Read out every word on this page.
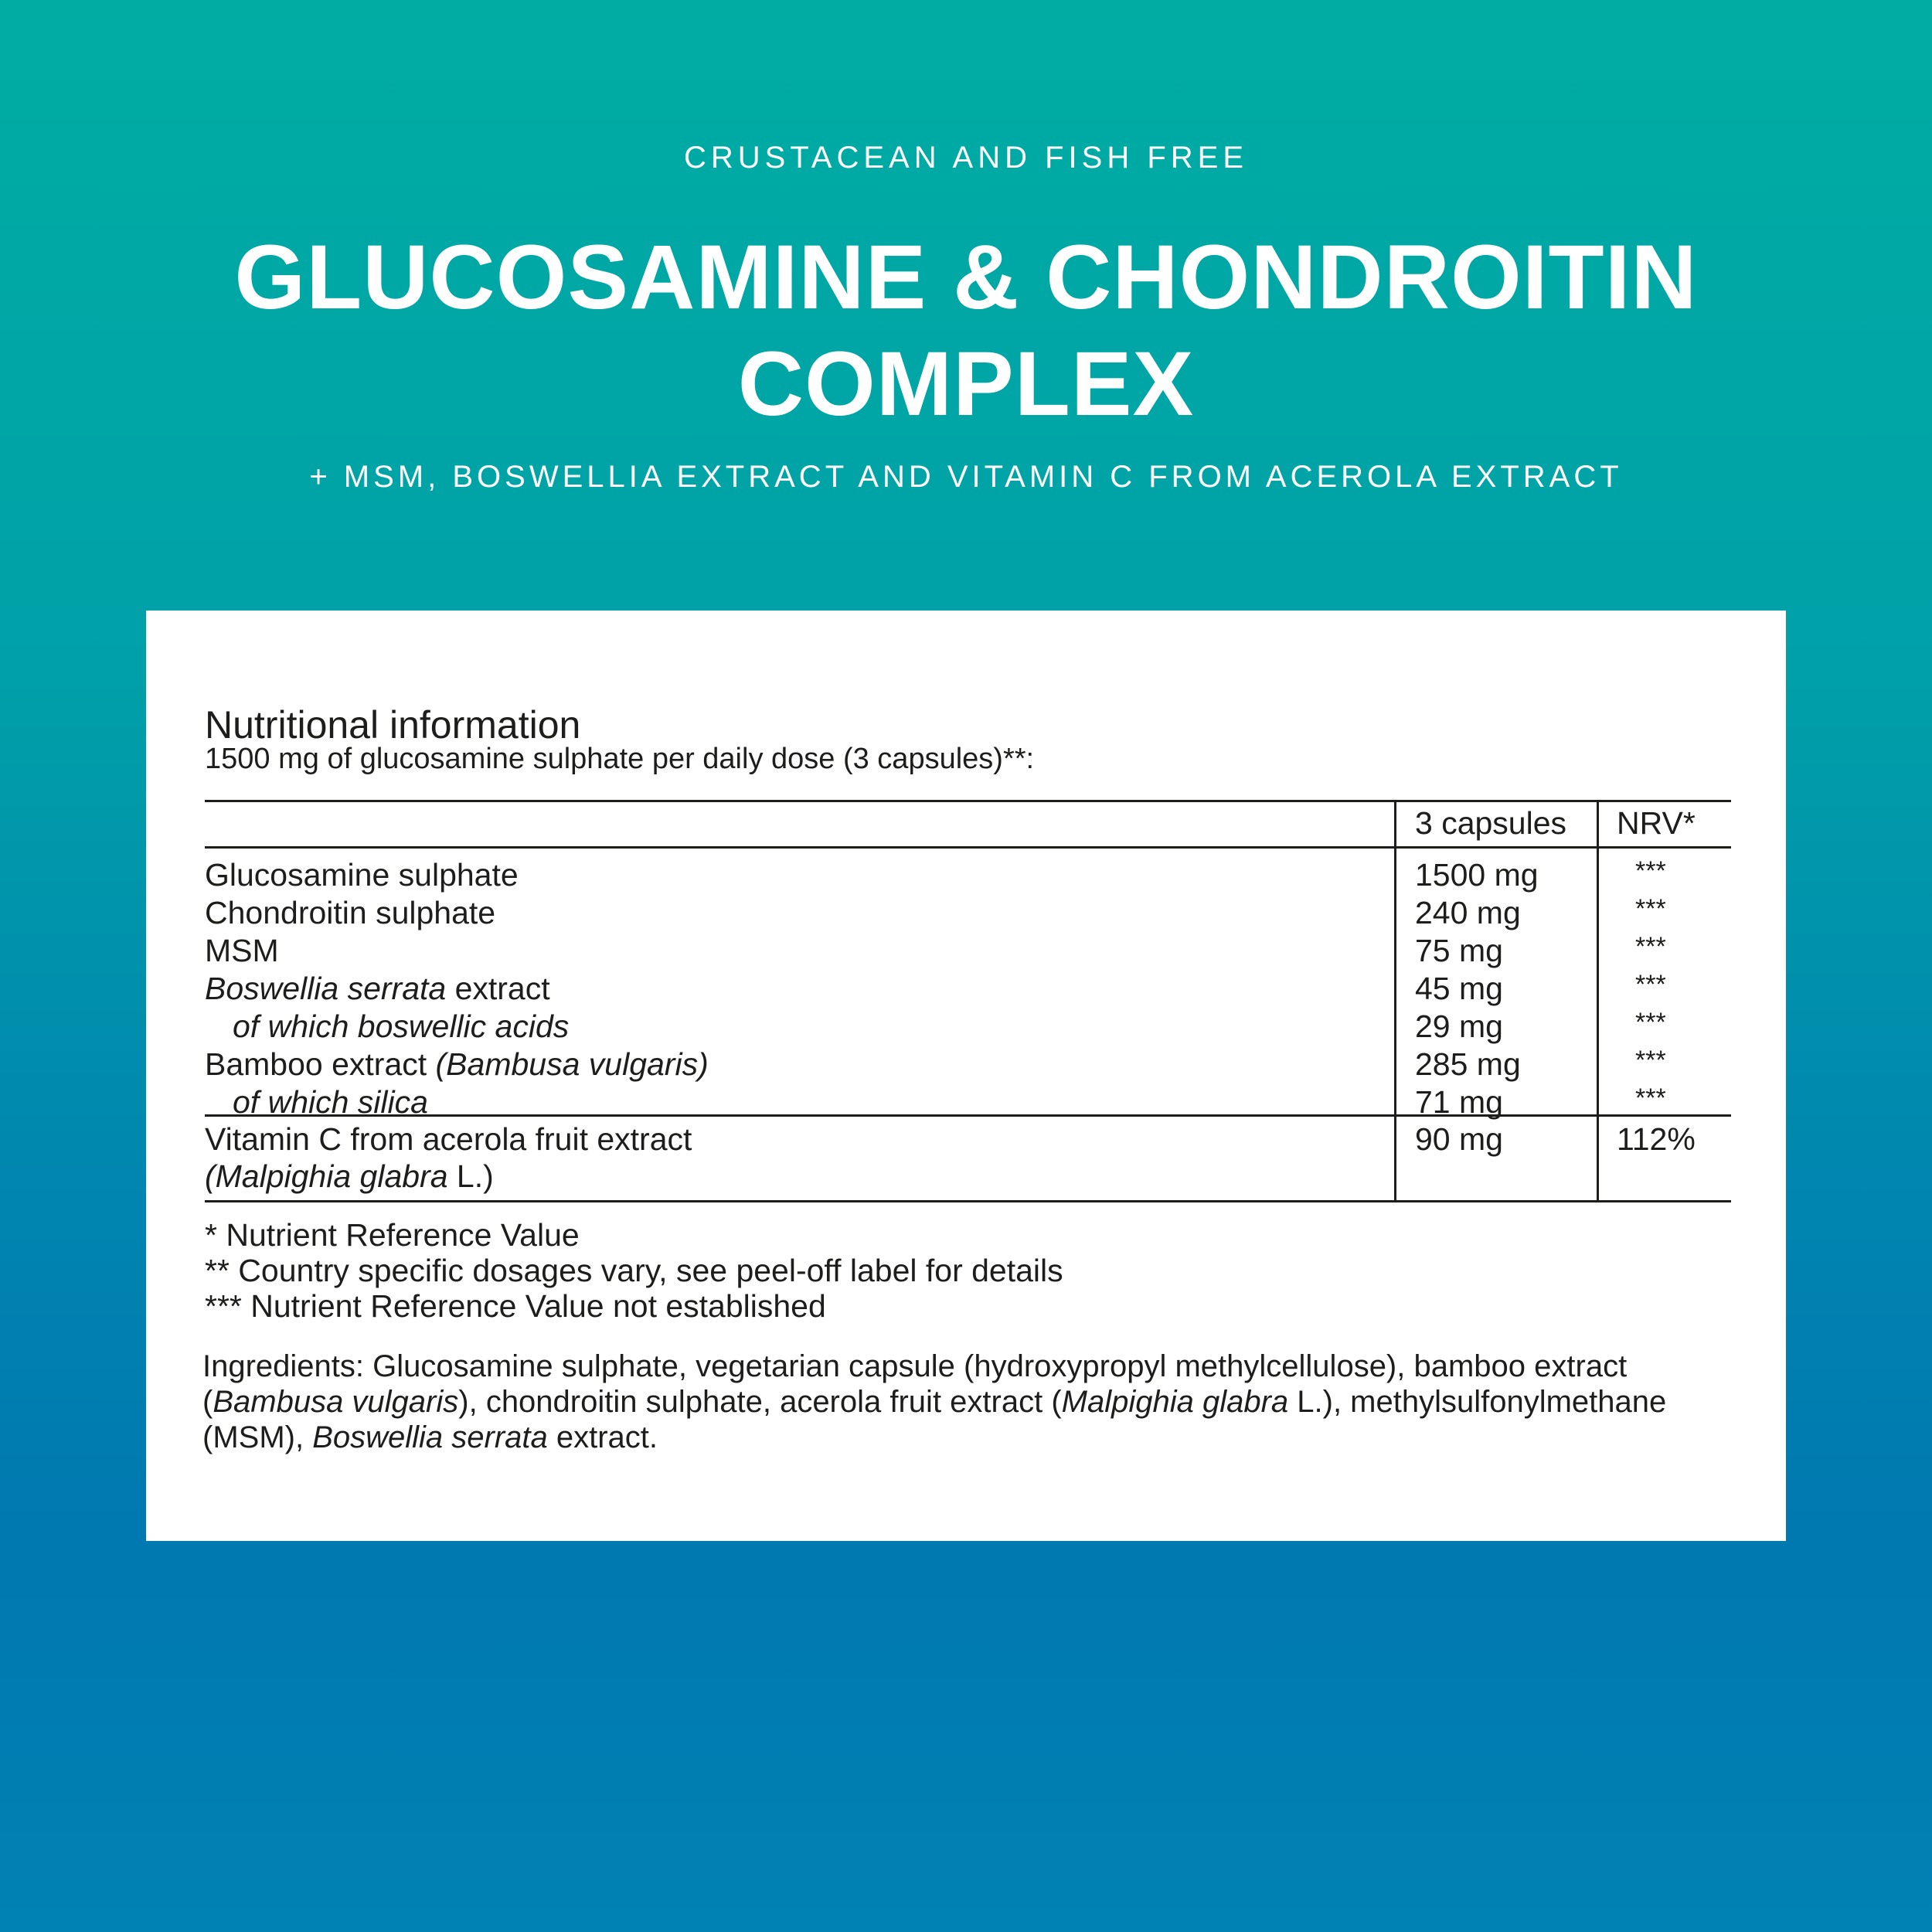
CRUSTACEAN AND FISH FREE
GLUCOSAMINE & CHONDROITIN
COMPLEX
+ MSM, BOSWELLIA EXTRACT AND VITAMIN C FROM ACEROLA EXTRACT
Nutritional information
1500 mg of glucosamine sulphate per daily dose (3 capsules)**:
3 capsules NRV*
Glucosamine sulphate	1500 mg	***
Chondroitin sulphate	240 mg	***
MSM	75 mg	***
Boswellia serrata extract	45 mg	***
of which boswellic acids	29 mg	***
Bamboo extract (Bambusa vulgaris)	285 mg	***
of which silica	71 mg	***
Vitamin C from acerola fruit extract
(Malpighia glabra L.)
90 mg	112%
* Nutrient Reference Value
** Country specific dosages vary, see peel-off label for details
*** Nutrient Reference Value not established
Ingredients: Glucosamine sulphate, vegetarian capsule (hydroxypropyl methylcellulose), bamboo extract (Bambusa vulgaris), chondroitin sulphate, acerola fruit extract (Malpighia glabra L.), methylsulfonylmethane (MSM), Boswellia serrata extract.
